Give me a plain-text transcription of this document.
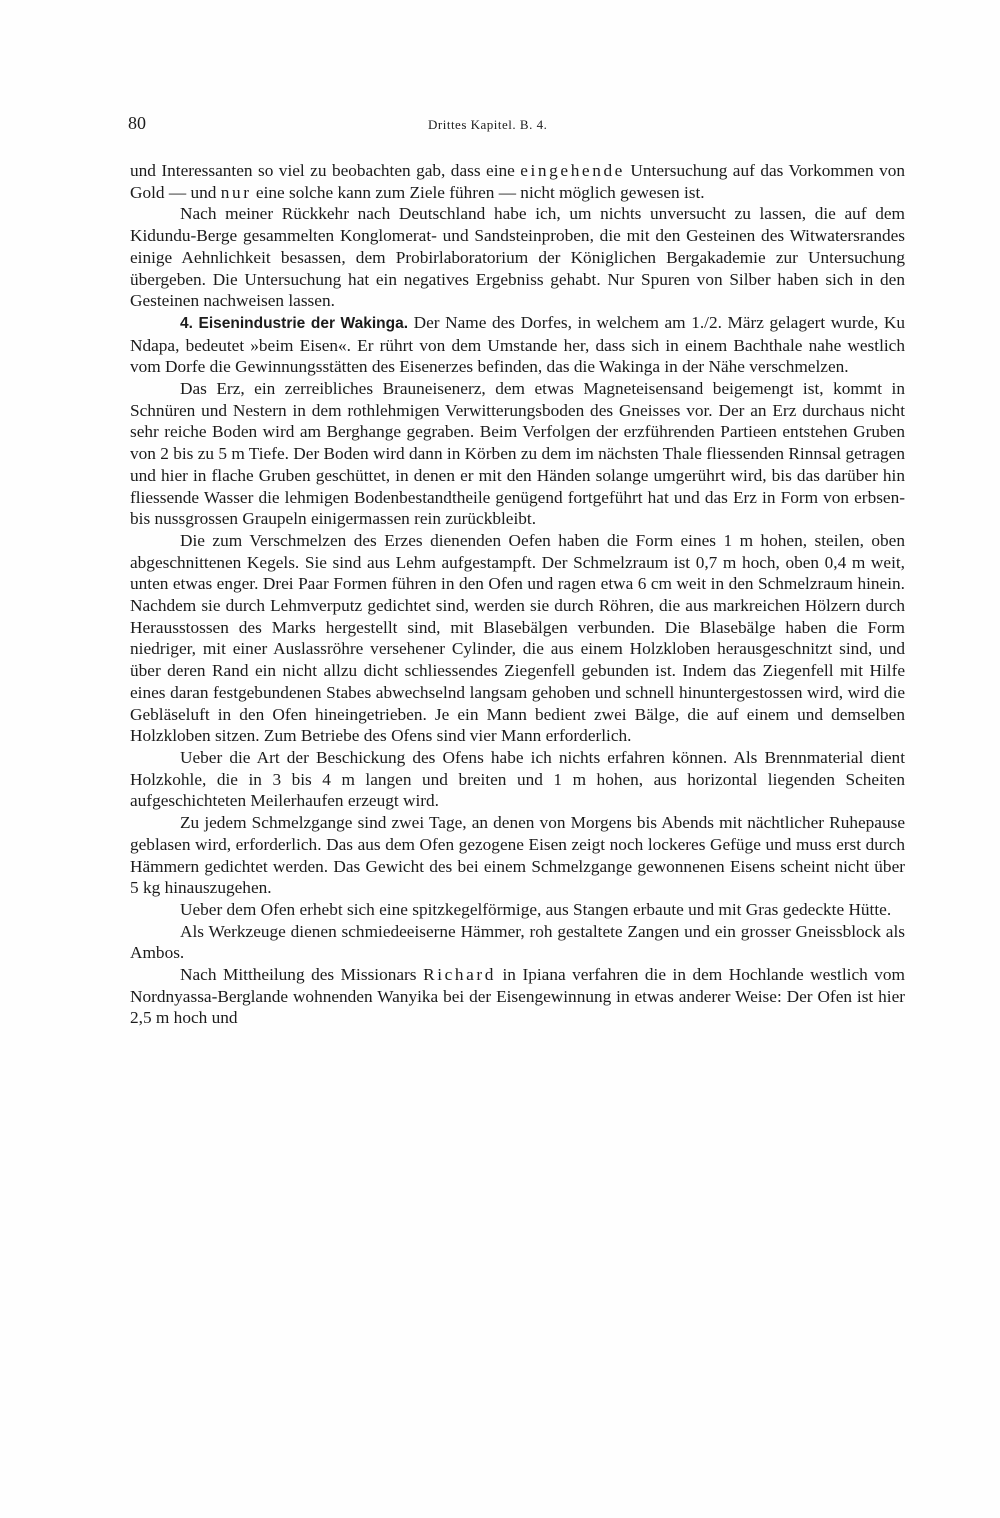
80	Drittes Kapitel. B. 4.

und Interessanten so viel zu beobachten gab, dass eine eingehende Untersuchung auf das Vorkommen von Gold — und nur eine solche kann zum Ziele führen — nicht möglich gewesen ist.

Nach meiner Rückkehr nach Deutschland habe ich, um nichts unversucht zu lassen, die auf dem Kidundu-Berge gesammelten Konglomerat- und Sandsteinproben, die mit den Gesteinen des Witwatersrandes einige Aehnlichkeit besassen, dem Probirlaboratorium der Königlichen Bergakademie zur Untersuchung übergeben. Die Untersuchung hat ein negatives Ergebniss gehabt. Nur Spuren von Silber haben sich in den Gesteinen nachweisen lassen.

4. Eisenindustrie der Wakinga. Der Name des Dorfes, in welchem am 1./2. März gelagert wurde, Ku Ndapa, bedeutet »beim Eisen«. Er rührt von dem Umstande her, dass sich in einem Bachthale nahe westlich vom Dorfe die Gewinnungsstätten des Eisenerzes befinden, das die Wakinga in der Nähe verschmelzen.

Das Erz, ein zerreibliches Brauneisenerz, dem etwas Magneteisensand beigemengt ist, kommt in Schnüren und Nestern in dem rothlehmigen Verwitterungsboden des Gneisses vor. Der an Erz durchaus nicht sehr reiche Boden wird am Berghange gegraben. Beim Verfolgen der erzführenden Partieen entstehen Gruben von 2 bis zu 5 m Tiefe. Der Boden wird dann in Körben zu dem im nächsten Thale fliessenden Rinnsal getragen und hier in flache Gruben geschüttet, in denen er mit den Händen solange umgerührt wird, bis das darüber hin fliessende Wasser die lehmigen Bodenbestandtheile genügend fortgeführt hat und das Erz in Form von erbsen- bis nussgrossen Graupeln einigermassen rein zurückbleibt.

Die zum Verschmelzen des Erzes dienenden Oefen haben die Form eines 1 m hohen, steilen, oben abgeschnittenen Kegels. Sie sind aus Lehm aufgestampft. Der Schmelzraum ist 0,7 m hoch, oben 0,4 m weit, unten etwas enger. Drei Paar Formen führen in den Ofen und ragen etwa 6 cm weit in den Schmelzraum hinein. Nachdem sie durch Lehmverputz gedichtet sind, werden sie durch Röhren, die aus markreichen Hölzern durch Herausstossen des Marks hergestellt sind, mit Blasebälgen verbunden. Die Blasebälge haben die Form niedriger, mit einer Auslassröhre versehener Cylinder, die aus einem Holzkloben herausgeschnitzt sind, und über deren Rand ein nicht allzu dicht schliessendes Ziegenfell gebunden ist. Indem das Ziegenfell mit Hilfe eines daran festgebundenen Stabes abwechselnd langsam gehoben und schnell hinuntergestossen wird, wird die Gebläseluft in den Ofen hineingetrieben. Je ein Mann bedient zwei Bälge, die auf einem und demselben Holzkloben sitzen. Zum Betriebe des Ofens sind vier Mann erforderlich.

Ueber die Art der Beschickung des Ofens habe ich nichts erfahren können. Als Brennmaterial dient Holzkohle, die in 3 bis 4 m langen und breiten und 1 m hohen, aus horizontal liegenden Scheiten aufgeschichteten Meilerhaufen erzeugt wird.

Zu jedem Schmelzgange sind zwei Tage, an denen von Morgens bis Abends mit nächtlicher Ruhepause geblasen wird, erforderlich. Das aus dem Ofen gezogene Eisen zeigt noch lockeres Gefüge und muss erst durch Hämmern gedichtet werden. Das Gewicht des bei einem Schmelzgange gewonnenen Eisens scheint nicht über 5 kg hinauszugehen.

Ueber dem Ofen erhebt sich eine spitzkegelförmige, aus Stangen erbaute und mit Gras gedeckte Hütte.

Als Werkzeuge dienen schmiedeeiserne Hämmer, roh gestaltete Zangen und ein grosser Gneissblock als Ambos.

Nach Mittheilung des Missionars Richard in Ipiana verfahren die in dem Hochlande westlich vom Nordnyassa-Berglande wohnenden Wanyika bei der Eisengewinnung in etwas anderer Weise: Der Ofen ist hier 2,5 m hoch und
